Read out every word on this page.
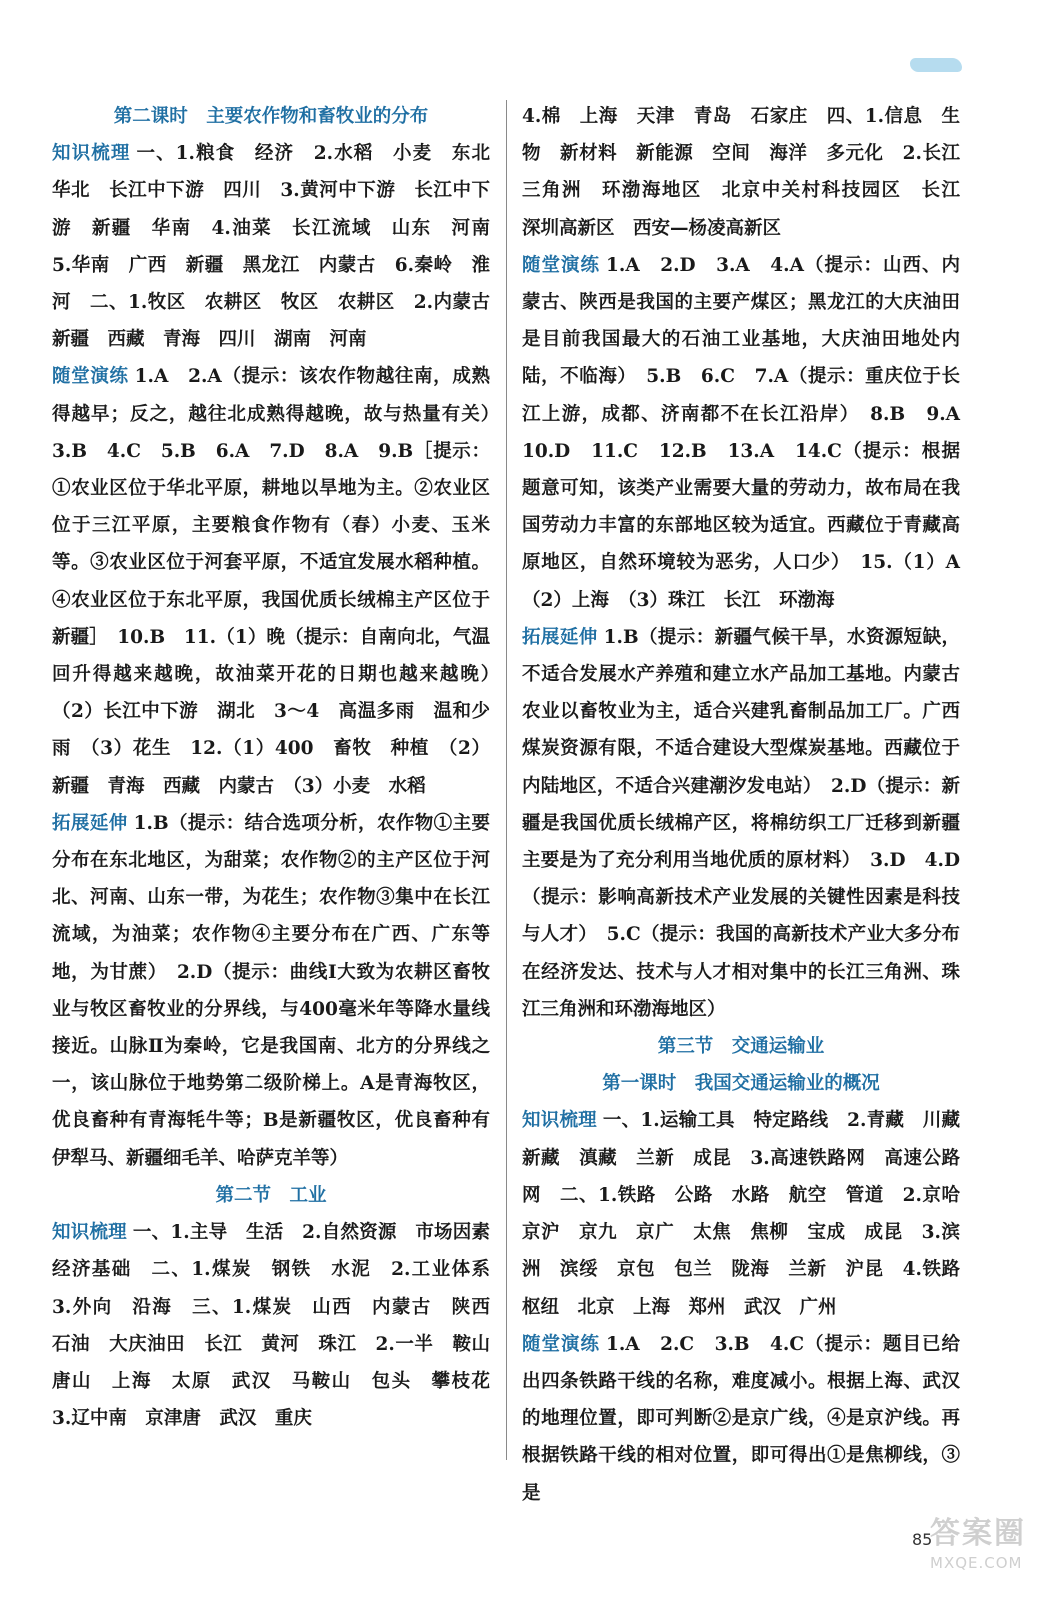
第二课时　主要农作物和畜牧业的分布

知识梳理 一、1.粮食　经济　2.水稻　小麦　东北　华北　长江中下游　四川　3.黄河中下游　长江中下游　新疆　华南　4.油菜　长江流域　山东　河南　5.华南　广西　新疆　黑龙江　内蒙古　6.秦岭　淮河　二、1.牧区　农耕区　牧区　农耕区　2.内蒙古　新疆　西藏　青海　四川　湖南　河南

随堂演练 1.A　2.A（提示：该农作物越往南，成熟得越早；反之，越往北成熟得越晚，故与热量有关）　3.B　4.C　5.B　6.A　7.D　8.A　9.B［提示：①农业区位于华北平原，耕地以旱地为主。②农业区位于三江平原，主要粮食作物有（春）小麦、玉米等。③农业区位于河套平原，不适宜发展水稻种植。④农业区位于东北平原，我国优质长绒棉主产区位于新疆］　10.B　11.（1）晚（提示：自南向北，气温回升得越来越晚，故油菜开花的日期也越来越晚）　（2）长江中下游　湖北　3～4　高温多雨　温和少雨　（3）花生　12.（1）400　畜牧　种植　（2）新疆　青海　西藏　内蒙古　（3）小麦　水稻

拓展延伸 1.B（提示：结合选项分析，农作物①主要分布在东北地区，为甜菜；农作物②的主产区位于河北、河南、山东一带，为花生；农作物③集中在长江流域，为油菜；农作物④主要分布在广西、广东等地，为甘蔗）　2.D（提示：曲线Ⅰ大致为农耕区畜牧业与牧区畜牧业的分界线，与400毫米年等降水量线接近。山脉Ⅱ为秦岭，它是我国南、北方的分界线之一，该山脉位于地势第二级阶梯上。A是青海牧区，优良畜种有青海牦牛等；B是新疆牧区，优良畜种有伊犁马、新疆细毛羊、哈萨克羊等）

第二节　工业

知识梳理 一、1.主导　生活　2.自然资源　市场因素　经济基础　二、1.煤炭　钢铁　水泥　2.工业体系　3.外向　沿海　三、1.煤炭　山西　内蒙古　陕西　石油　大庆油田　长江　黄河　珠江　2.一半　鞍山　唐山　上海　太原　武汉　马鞍山　包头　攀枝花　3.辽中南　京津唐　武汉　重庆

4.棉　上海　天津　青岛　石家庄　四、1.信息　生物　新材料　新能源　空间　海洋　多元化　2.长江三角洲　环渤海地区　北京中关村科技园区　长江　深圳高新区　西安—杨凌高新区

随堂演练 1.A　2.D　3.A　4.A（提示：山西、内蒙古、陕西是我国的主要产煤区；黑龙江的大庆油田是目前我国最大的石油工业基地，大庆油田地处内陆，不临海）　5.B　6.C　7.A（提示：重庆位于长江上游，成都、济南都不在长江沿岸）　8.B　9.A　10.D　11.C　12.B　13.A　14.C（提示：根据题意可知，该类产业需要大量的劳动力，故布局在我国劳动力丰富的东部地区较为适宜。西藏位于青藏高原地区，自然环境较为恶劣，人口少）　15.（1）A　（2）上海　（3）珠江　长江　环渤海

拓展延伸 1.B（提示：新疆气候干旱，水资源短缺，不适合发展水产养殖和建立水产品加工基地。内蒙古农业以畜牧业为主，适合兴建乳畜制品加工厂。广西煤炭资源有限，不适合建设大型煤炭基地。西藏位于内陆地区，不适合兴建潮汐发电站）　2.D（提示：新疆是我国优质长绒棉产区，将棉纺织工厂迁移到新疆主要是为了充分利用当地优质的原材料）　3.D　4.D（提示：影响高新技术产业发展的关键性因素是科技与人才）　5.C（提示：我国的高新技术产业大多分布在经济发达、技术与人才相对集中的长江三角洲、珠江三角洲和环渤海地区）

第三节　交通运输业
第一课时　我国交通运输业的概况

知识梳理 一、1.运输工具　特定路线　2.青藏　川藏　新藏　滇藏　兰新　成昆　3.高速铁路网　高速公路网　二、1.铁路　公路　水路　航空　管道　2.京哈　京沪　京九　京广　太焦　焦柳　宝成　成昆　3.滨洲　滨绥　京包　包兰　陇海　兰新　沪昆　4.铁路枢纽　北京　上海　郑州　武汉　广州

随堂演练 1.A　2.C　3.B　4.C（提示：题目已给出四条铁路干线的名称，难度减小。根据上海、武汉的地理位置，即可判断②是京广线，④是京沪线。再根据铁路干线的相对位置，即可得出①是焦柳线，③是

85
答案圈
MXQE.COM
